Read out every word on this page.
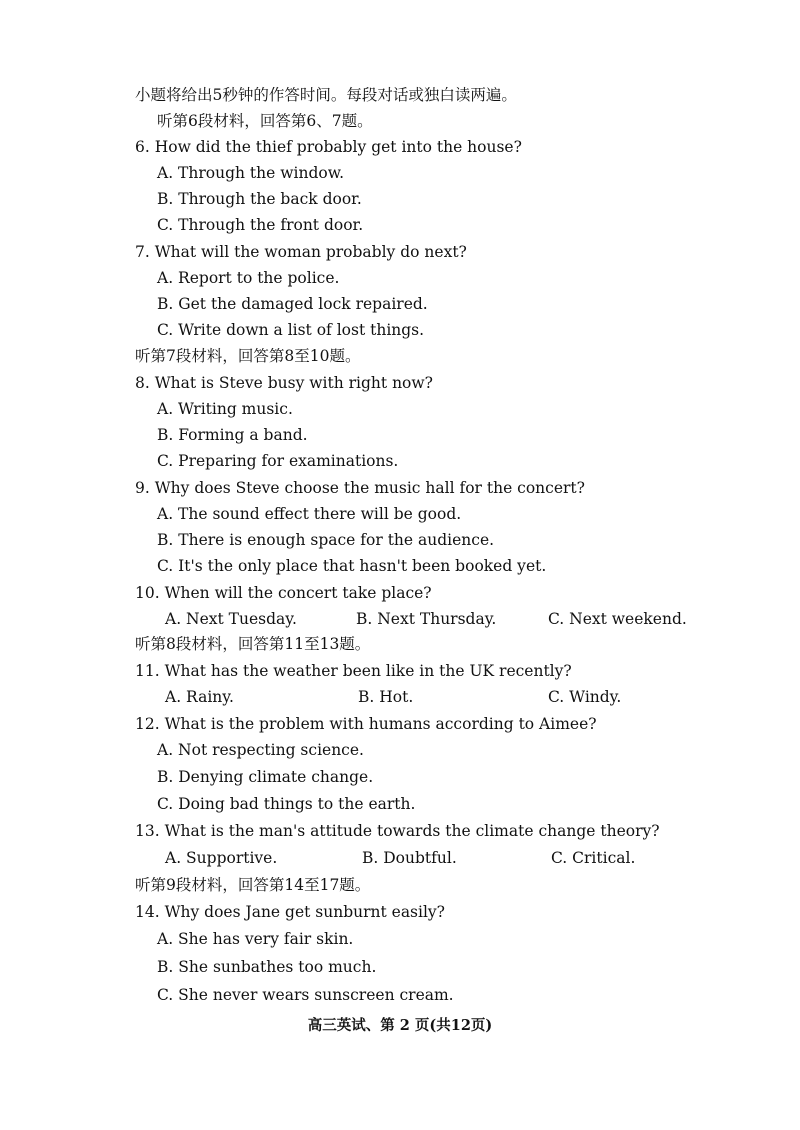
小题将给出5秒钟的作答时间。每段对话或独白读两遍。
听第6段材料，回答第6、7题。
6. How did the thief probably get into the house?
A. Through the window.
B. Through the back door.
C. Through the front door.
7. What will the woman probably do next?
A. Report to the police.
B. Get the damaged lock repaired.
C. Write down a list of lost things.
听第7段材料，回答第8至10题。
8. What is Steve busy with right now?
A. Writing music.
B. Forming a band.
C. Preparing for examinations.
9. Why does Steve choose the music hall for the concert?
A. The sound effect there will be good.
B. There is enough space for the audience.
C. It's the only place that hasn't been booked yet.
10. When will the concert take place?
A. Next Tuesday.	B. Next Thursday.	C. Next weekend.
听第8段材料，回答第11至13题。
11. What has the weather been like in the UK recently?
A. Rainy.	B. Hot.	C. Windy.
12. What is the problem with humans according to Aimee?
A. Not respecting science.
B. Denying climate change.
C. Doing bad things to the earth.
13. What is the man's attitude towards the climate change theory?
A. Supportive.	B. Doubtful.	C. Critical.
听第9段材料，回答第14至17题。
14. Why does Jane get sunburnt easily?
A. She has very fair skin.
B. She sunbathes too much.
C. She never wears sunscreen cream.
高三英试、第 2 页(共12页)
